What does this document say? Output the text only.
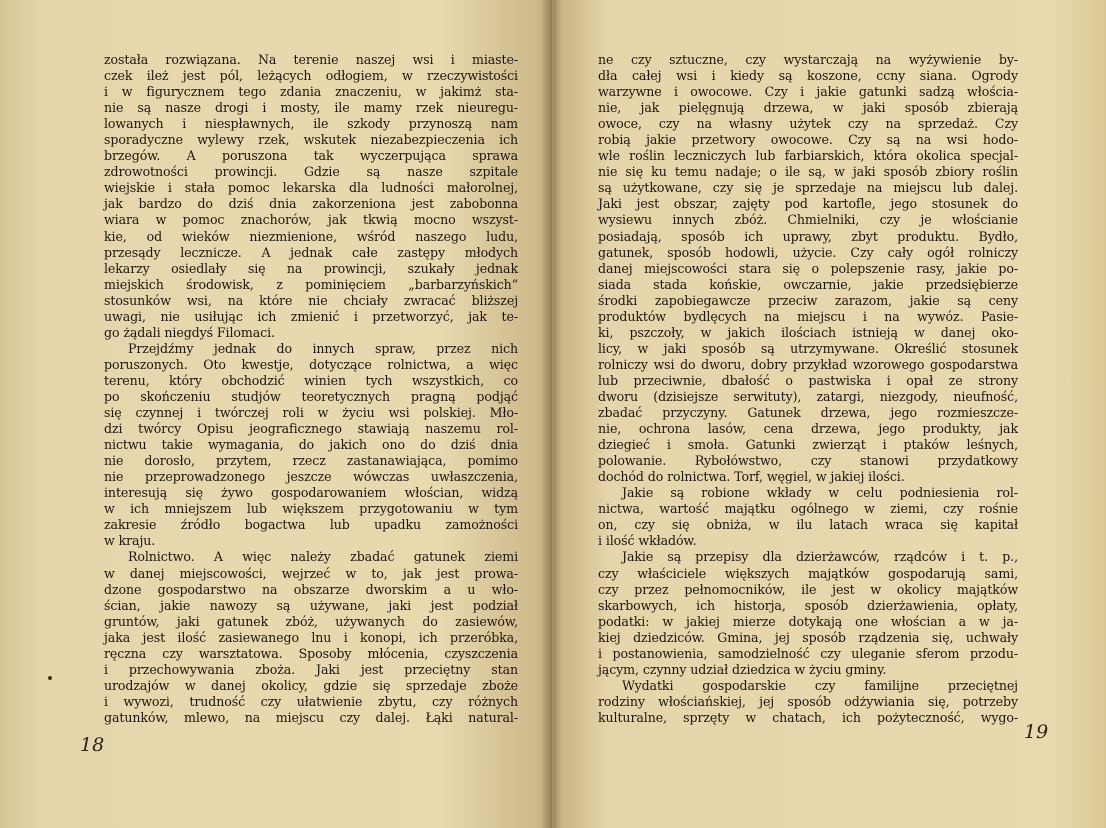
została rozwiązana. Na terenie naszej wsi i miaste-
czek ileż jest pól, leżących odłogiem, w rzeczywistości
i w figurycznem tego zdania znaczeniu, w jakimż sta-
nie są nasze drogi i mosty, ile mamy rzek nieuregu-
lowanych i niespławnych, ile szkody przynoszą nam
sporadyczne wylewy rzek, wskutek niezabezpieczenia ich
brzegów. A poruszona tak wyczerpująca sprawa
zdrowotności prowincji. Gdzie są nasze szpitale
wiejskie i stała pomoc lekarska dla ludności małorolnej,
jak bardzo do dziś dnia zakorzeniona jest zabobonna
wiara w pomoc znachorów, jak tkwią mocno wszyst-
kie, od wieków niezmienione, wśród naszego ludu,
przesądy lecznicze. A jednak całe zastępy młodych
lekarzy osiedlały się na prowincji, szukały jednak
miejskich środowisk, z pominięciem „barbarzyńskich“
stosunków wsi, na które nie chciały zwracać bliższej
uwagi, nie usiłując ich zmienić i przetworzyć, jak te-
go żądali niegdyś Filomaci.
Przejdźmy jednak do innych spraw, przez nich
poruszonych. Oto kwestje, dotyczące rolnictwa, a więc
terenu, który obchodzić winien tych wszystkich, co
po skończeniu studjów teoretycznych pragną podjąć
się czynnej i twórczej roli w życiu wsi polskiej. Mło-
dzi twórcy Opisu jeograficznego stawiają naszemu rol-
nictwu takie wymagania, do jakich ono do dziś dnia
nie dorosło, przytem, rzecz zastanawiająca, pomimo
nie przeprowadzonego jeszcze wówczas uwłaszczenia,
interesują się żywo gospodarowaniem włościan, widzą
w ich mniejszem lub większem przygotowaniu w tym
zakresie źródło bogactwa lub upadku zamożności
w kraju.
Rolnictwo. A więc należy zbadać gatunek ziemi
w danej miejscowości, wejrzeć w to, jak jest prowa-
dzone gospodarstwo na obszarze dworskim a u wło-
ścian, jakie nawozy są używane, jaki jest podział
gruntów, jaki gatunek zbóż, używanych do zasiewów,
jaka jest ilość zasiewanego lnu i konopi, ich przeróbka,
ręczna czy warsztatowa. Sposoby młócenia, czyszczenia
i przechowywania zboża. Jaki jest przeciętny stan
urodzajów w danej okolicy, gdzie się sprzedaje zboże
i wywozi, trudność czy ułatwienie zbytu, czy różnych
gatunków, mlewo, na miejscu czy dalej. Łąki natural-
18
19
ne czy sztuczne, czy wystarczają na wyżywienie by-
dła całej wsi i kiedy są koszone, ccny siana. Ogrody
warzywne i owocowe. Czy i jakie gatunki sadzą włościa-
nie, jak pielęgnują drzewa, w jaki sposób zbierają
owoce, czy na własny użytek czy na sprzedaż. Czy
robią jakie przetwory owocowe. Czy są na wsi hodo-
wle roślin leczniczych lub farbiarskich, która okolica specjal-
nie się ku temu nadaje; o ile są, w jaki sposób zbiory roślin
są użytkowane, czy się je sprzedaje na miejscu lub dalej.
Jaki jest obszar, zajęty pod kartofle, jego stosunek do
wysiewu innych zbóż. Chmielniki, czy je włościanie
posiadają, sposób ich uprawy, zbyt produktu. Bydło,
gatunek, sposób hodowli, użycie. Czy cały ogół rolniczy
danej miejscowości stara się o polepszenie rasy, jakie po-
siada stada końskie, owczarnie, jakie przedsiębierze
środki zapobiegawcze przeciw zarazom, jakie są ceny
produktów bydlęcych na miejscu i na wywóz. Pasie-
ki, pszczoły, w jakich ilościach istnieją w danej oko-
licy, w jaki sposób są utrzymywane. Określić stosunek
rolniczy wsi do dworu, dobry przykład wzorowego gospodarstwa
lub przeciwnie, dbałość o pastwiska i opał ze strony
dworu (dzisiejsze serwituty), zatargi, niezgody, nieufność,
zbadać przyczyny. Gatunek drzewa, jego rozmieszcze-
nie, ochrona lasów, cena drzewa, jego produkty, jak
dziegieć i smoła. Gatunki zwierząt i ptaków leśnych,
polowanie. Rybołówstwo, czy stanowi przydatkowy
dochód do rolnictwa. Torf, węgiel, w jakiej ilości.
Jakie są robione wkłady w celu podniesienia rol-
nictwa, wartość majątku ogólnego w ziemi, czy rośnie
on, czy się obniża, w ilu latach wraca się kapitał
i ilość wkładów.
Jakie są przepisy dla dzierżawców, rządców i t. p.,
czy właściciele większych majątków gospodarują sami,
czy przez pełnomocników, ile jest w okolicy majątków
skarbowych, ich historja, sposób dzierżawienia, opłaty,
podatki: w jakiej mierze dotykają one włościan a w ja-
kiej dziedziców. Gmina, jej sposób rządzenia się, uchwały
i postanowienia, samodzielność czy uleganie sferom przodu-
jącym, czynny udział dziedzica w życiu gminy.
Wydatki gospodarskie czy familijne przeciętnej
rodziny włościańskiej, jej sposób odżywiania się, potrzeby
kulturalne, sprzęty w chatach, ich pożyteczność, wygo-
